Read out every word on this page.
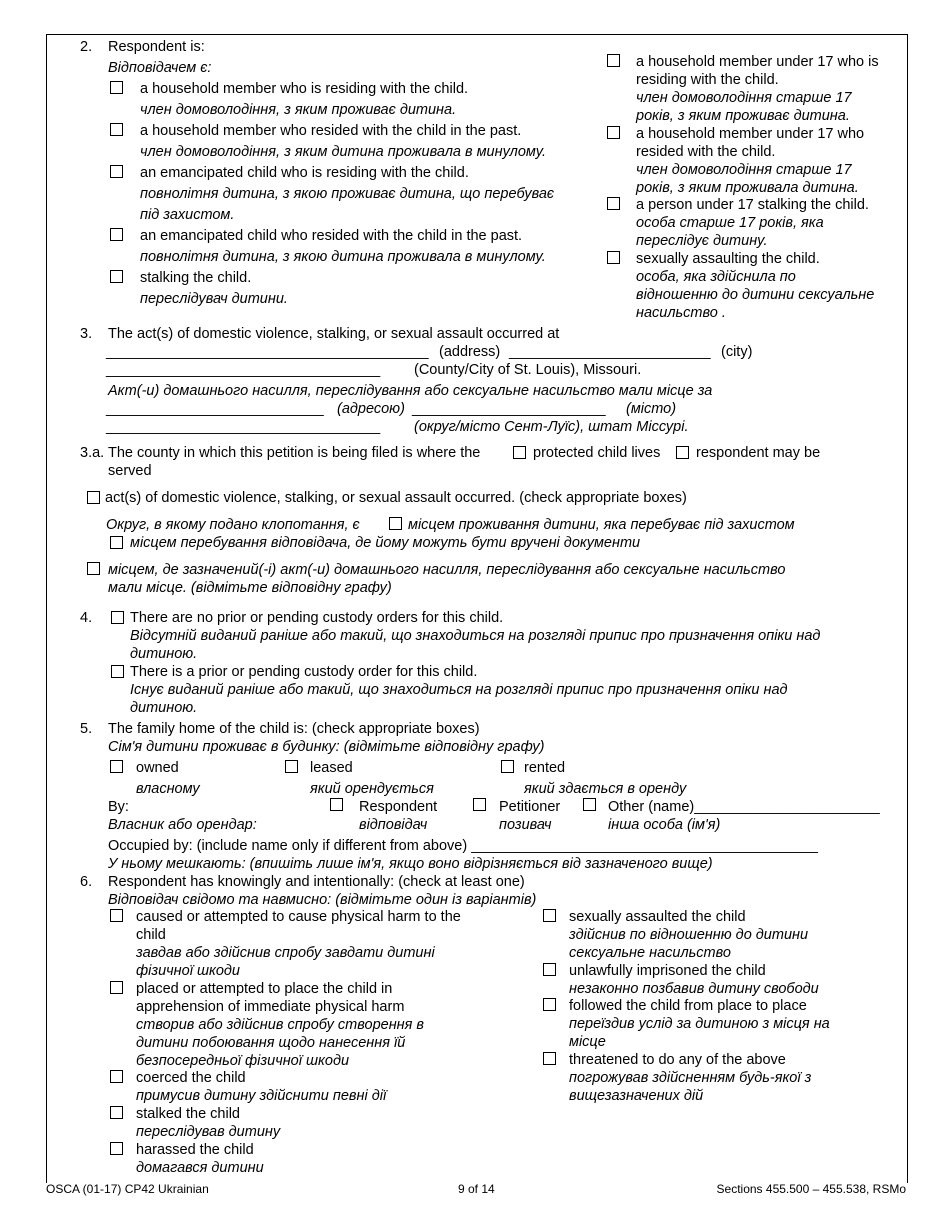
2. Respondent is:
Відповідачем є:
a household member who is residing with the child.
член домоволодіння, з яким проживає дитина.
a household member who resided with the child in the past.
член домоволодіння, з яким дитина проживала в минулому.
an emancipated child who is residing with the child.
повнолітня дитина, з якою проживає дитина, що перебуває
під захистом.
an emancipated child who resided with the child in the past.
повнолітня дитина, з якою дитина проживала в минулому.
stalking the child.
переслідувач дитини.
a household member under 17 who is
residing with the child.
член домоволодіння старше 17
років, з яким проживає дитина.
a household member under 17 who
resided with the child.
член домоволодіння старше 17
років, з яким проживала дитина.
a person under 17 stalking the child.
особа старше 17 років, яка
переслідує дитину.
sexually assaulting the child.
особа, яка здійснила по
відношенню до дитини сексуальне
насильство .
3. The act(s) of domestic violence, stalking, or sexual assault occurred at
________________________________________ (address) _________________________ (city)
__________________________________ (County/City of St. Louis), Missouri.
Акт(-и) домашнього насилля, переслідування або сексуальне насильство мали місце за
___________________________ (адресою) ________________________ (місто)
__________________________________ (округ/місто Сент-Луїс), штат Міссурі.
3.a. The county in which this petition is being filed is where the	protected child lives respondent may be
served
act(s) of domestic violence, stalking, or sexual assault occurred. (check appropriate boxes)
Округ, в якому подано клопотання, є	місцем проживання дитини, яка перебуває під захистом
місцем перебування відповідача, де йому можуть бути вручені документи
місцем, де зазначений(-і) акт(-и) домашнього насилля, переслідування або сексуальне насильство
мали місце. (відмітьте відповідну графу)
4.	There are no prior or pending custody orders for this child.
Відсутній виданий раніше або такий, що знаходиться на розгляді припис про призначення опіки над
дитиною.
There is a prior or pending custody order for this child.
Існує виданий раніше або такий, що знаходиться на розгляді припис про призначення опіки над
дитиною.
5. The family home of the child is: (check appropriate boxes)
Сім'я дитини проживає в будинку: (відмітьте відповідну графу)
owned	leased	rented
власному	який орендується	який здається в оренду
By:	Respondent	Petitioner	Other (name)_______________________
Власник або орендар:	відповідач	позивач	інша особа (ім'я)
Occupied by: (include name only if different from above) ___________________________________________
У ньому мешкають: (впишіть лише ім'я, якщо воно відрізняється від зазначеного вище)
6. Respondent has knowingly and intentionally: (check at least one)
Відповідач свідомо та навмисно: (відмітьте один із варіантів)
caused or attempted to cause physical harm to the
child
завдав або здійснив спробу завдати дитині
фізичної шкоди
placed or attempted to place the child in
apprehension of immediate physical harm
створив або здійснив спробу створення в
дитини побоювання щодо нанесення їй
безпосередньої фізичної шкоди
coerced the child
примусив дитину здійснити певні дії
stalked the child
переслідував дитину
harassed the child
домагався дитини
sexually assaulted the child
здійснив по відношенню до дитини
сексуальне насильство
unlawfully imprisoned the child
незаконно позбавив дитину свободи
followed the child from place to place
переїздив услід за дитиною з місця на
місце
threatened to do any of the above
погрожував здійсненням будь-якої з
вищезазначених дій
OSCA (01-17) CP42 Ukrainian	9 of 14	Sections 455.500 – 455.538, RSMo
